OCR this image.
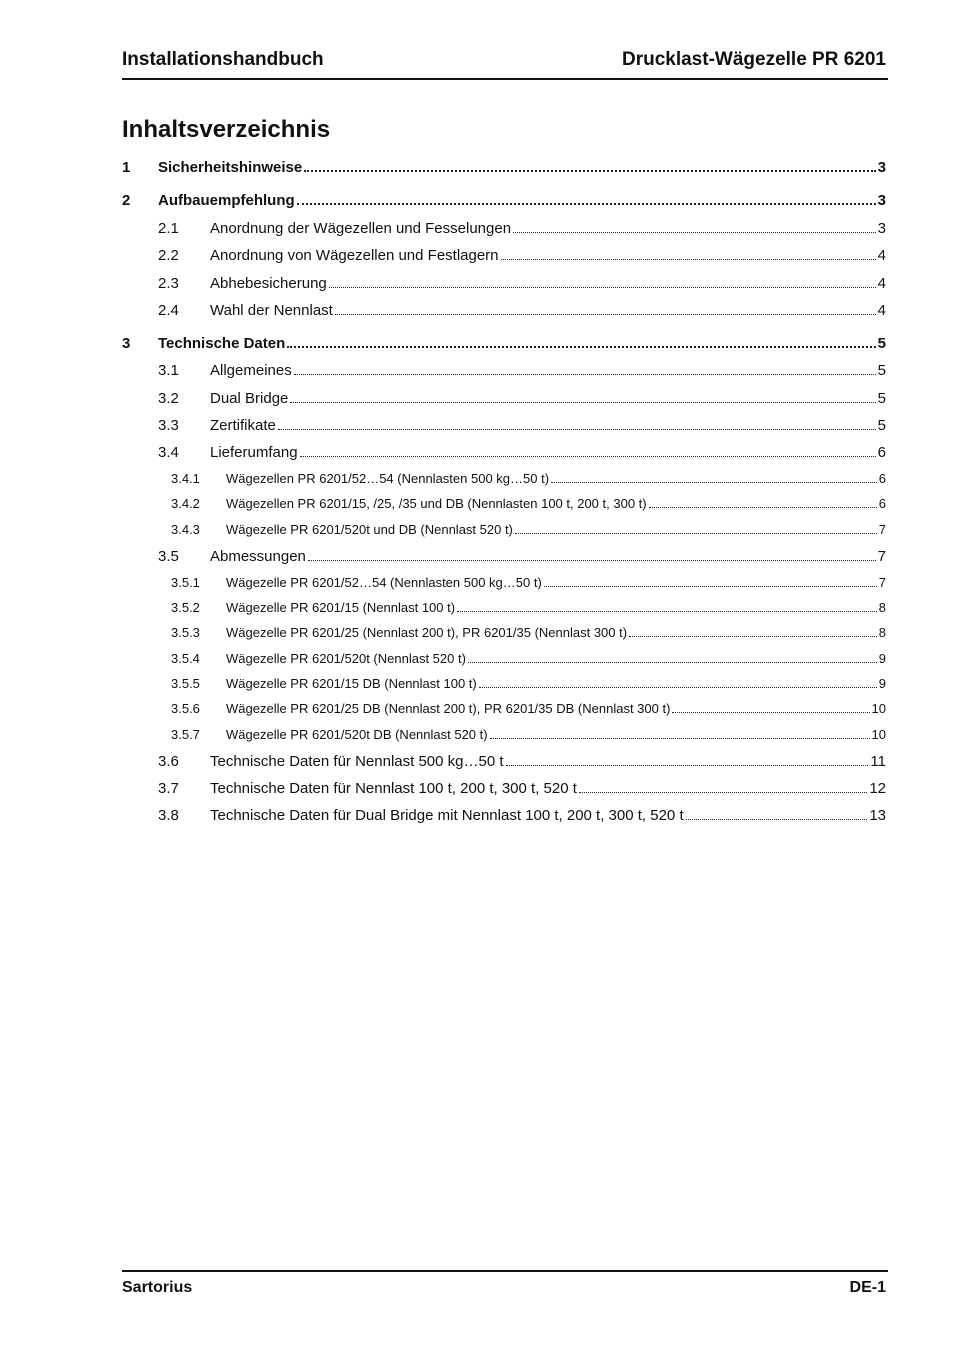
Installationshandbuch	Drucklast-Wägezelle PR 6201
Inhaltsverzeichnis
1	Sicherheitshinweise	3
2	Aufbauempfehlung	3
2.1	Anordnung der Wägezellen und Fesselungen	3
2.2	Anordnung von Wägezellen und Festlagern	4
2.3	Abhebesicherung	4
2.4	Wahl der Nennlast	4
3	Technische Daten	5
3.1	Allgemeines	5
3.2	Dual Bridge	5
3.3	Zertifikate	5
3.4	Lieferumfang	6
3.4.1	Wägezellen PR 6201/52…54 (Nennlasten 500 kg…50 t)	6
3.4.2	Wägezellen PR 6201/15, /25, /35 und DB (Nennlasten 100 t, 200 t, 300 t)	6
3.4.3	Wägezelle PR 6201/520t und DB (Nennlast 520 t)	7
3.5	Abmessungen	7
3.5.1	Wägezelle PR 6201/52…54 (Nennlasten 500 kg…50 t)	7
3.5.2	Wägezelle PR 6201/15 (Nennlast 100 t)	8
3.5.3	Wägezelle PR 6201/25 (Nennlast 200 t), PR 6201/35 (Nennlast 300 t)	8
3.5.4	Wägezelle PR 6201/520t (Nennlast 520 t)	9
3.5.5	Wägezelle PR 6201/15 DB (Nennlast 100 t)	9
3.5.6	Wägezelle PR 6201/25 DB (Nennlast 200 t), PR 6201/35 DB (Nennlast 300 t)	10
3.5.7	Wägezelle PR 6201/520t DB (Nennlast 520 t)	10
3.6	Technische Daten für Nennlast 500 kg…50 t	11
3.7	Technische Daten für Nennlast 100 t, 200 t, 300 t, 520 t	12
3.8	Technische Daten für Dual Bridge mit Nennlast 100 t, 200 t, 300 t, 520 t	13
Sartorius	DE-1
